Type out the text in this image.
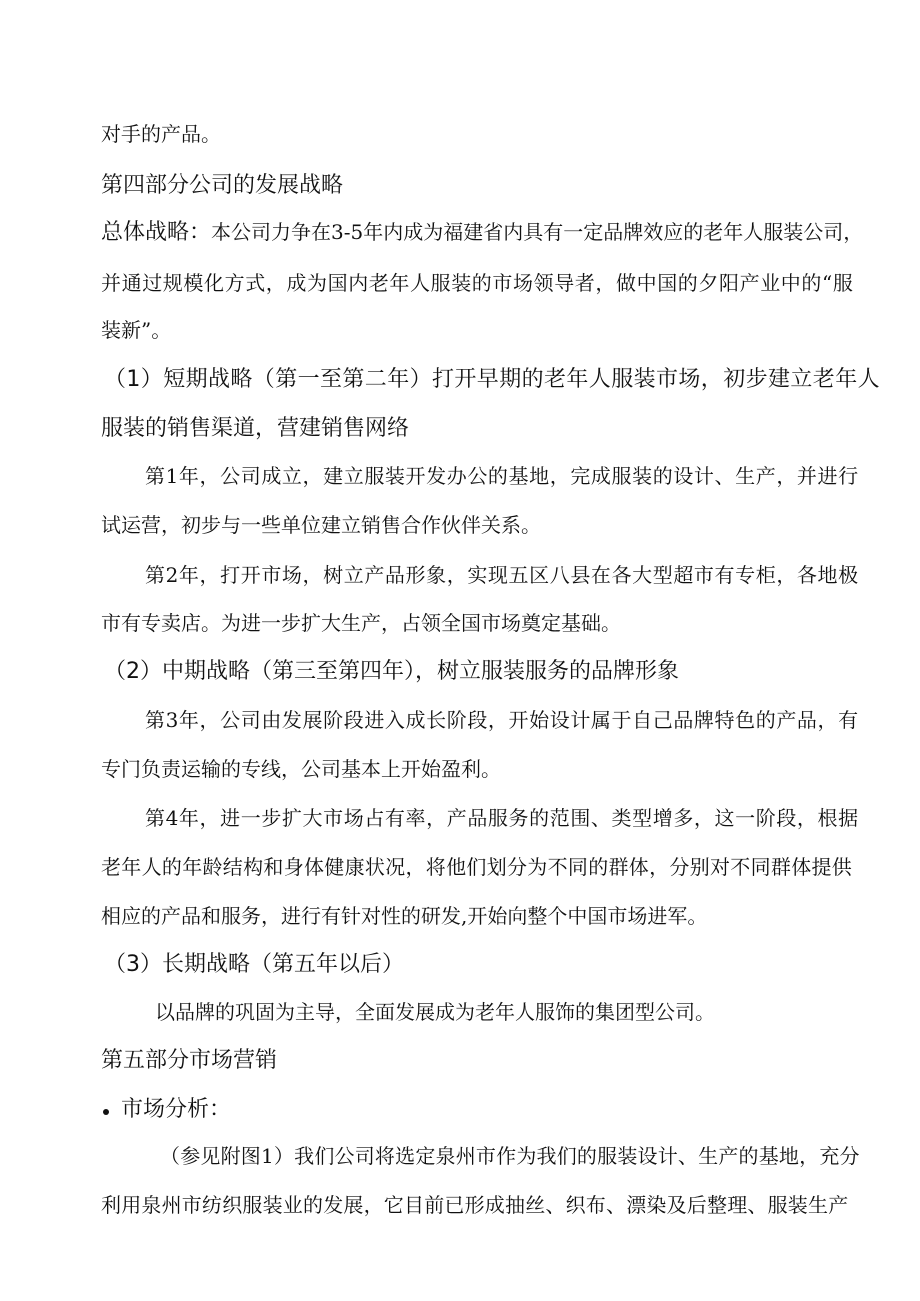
对手的产品。
第四部分公司的发展战略
总体战略：本公司力争在3-5年内成为福建省内具有一定品牌效应的老年人服装公司，
并通过规模化方式，成为国内老年人服装的市场领导者，做中国的夕阳产业中的“服
装新”。
（1）短期战略（第一至第二年）打开早期的老年人服装市场，初步建立老年人
服装的销售渠道，营建销售网络
第1年，公司成立，建立服装开发办公的基地，完成服装的设计、生产，并进行
试运营，初步与一些单位建立销售合作伙伴关系。
第2年，打开市场，树立产品形象，实现五区八县在各大型超市有专柜，各地极
市有专卖店。为进一步扩大生产，占领全国市场奠定基础。
（2）中期战略（第三至第四年），树立服装服务的品牌形象
第3年，公司由发展阶段进入成长阶段，开始设计属于自己品牌特色的产品，有
专门负责运输的专线，公司基本上开始盈利。
第4年，进一步扩大市场占有率，产品服务的范围、类型增多，这一阶段，根据
老年人的年龄结构和身体健康状况，将他们划分为不同的群体，分别对不同群体提供
相应的产品和服务，进行有针对性的研发,开始向整个中国市场进军。
（3）长期战略（第五年以后）
以品牌的巩固为主导，全面发展成为老年人服饰的集团型公司。
第五部分市场营销
市场分析：
（参见附图1）我们公司将选定泉州市作为我们的服装设计、生产的基地，充分
利用泉州市纺织服装业的发展，它目前已形成抽丝、织布、漂染及后整理、服装生产
